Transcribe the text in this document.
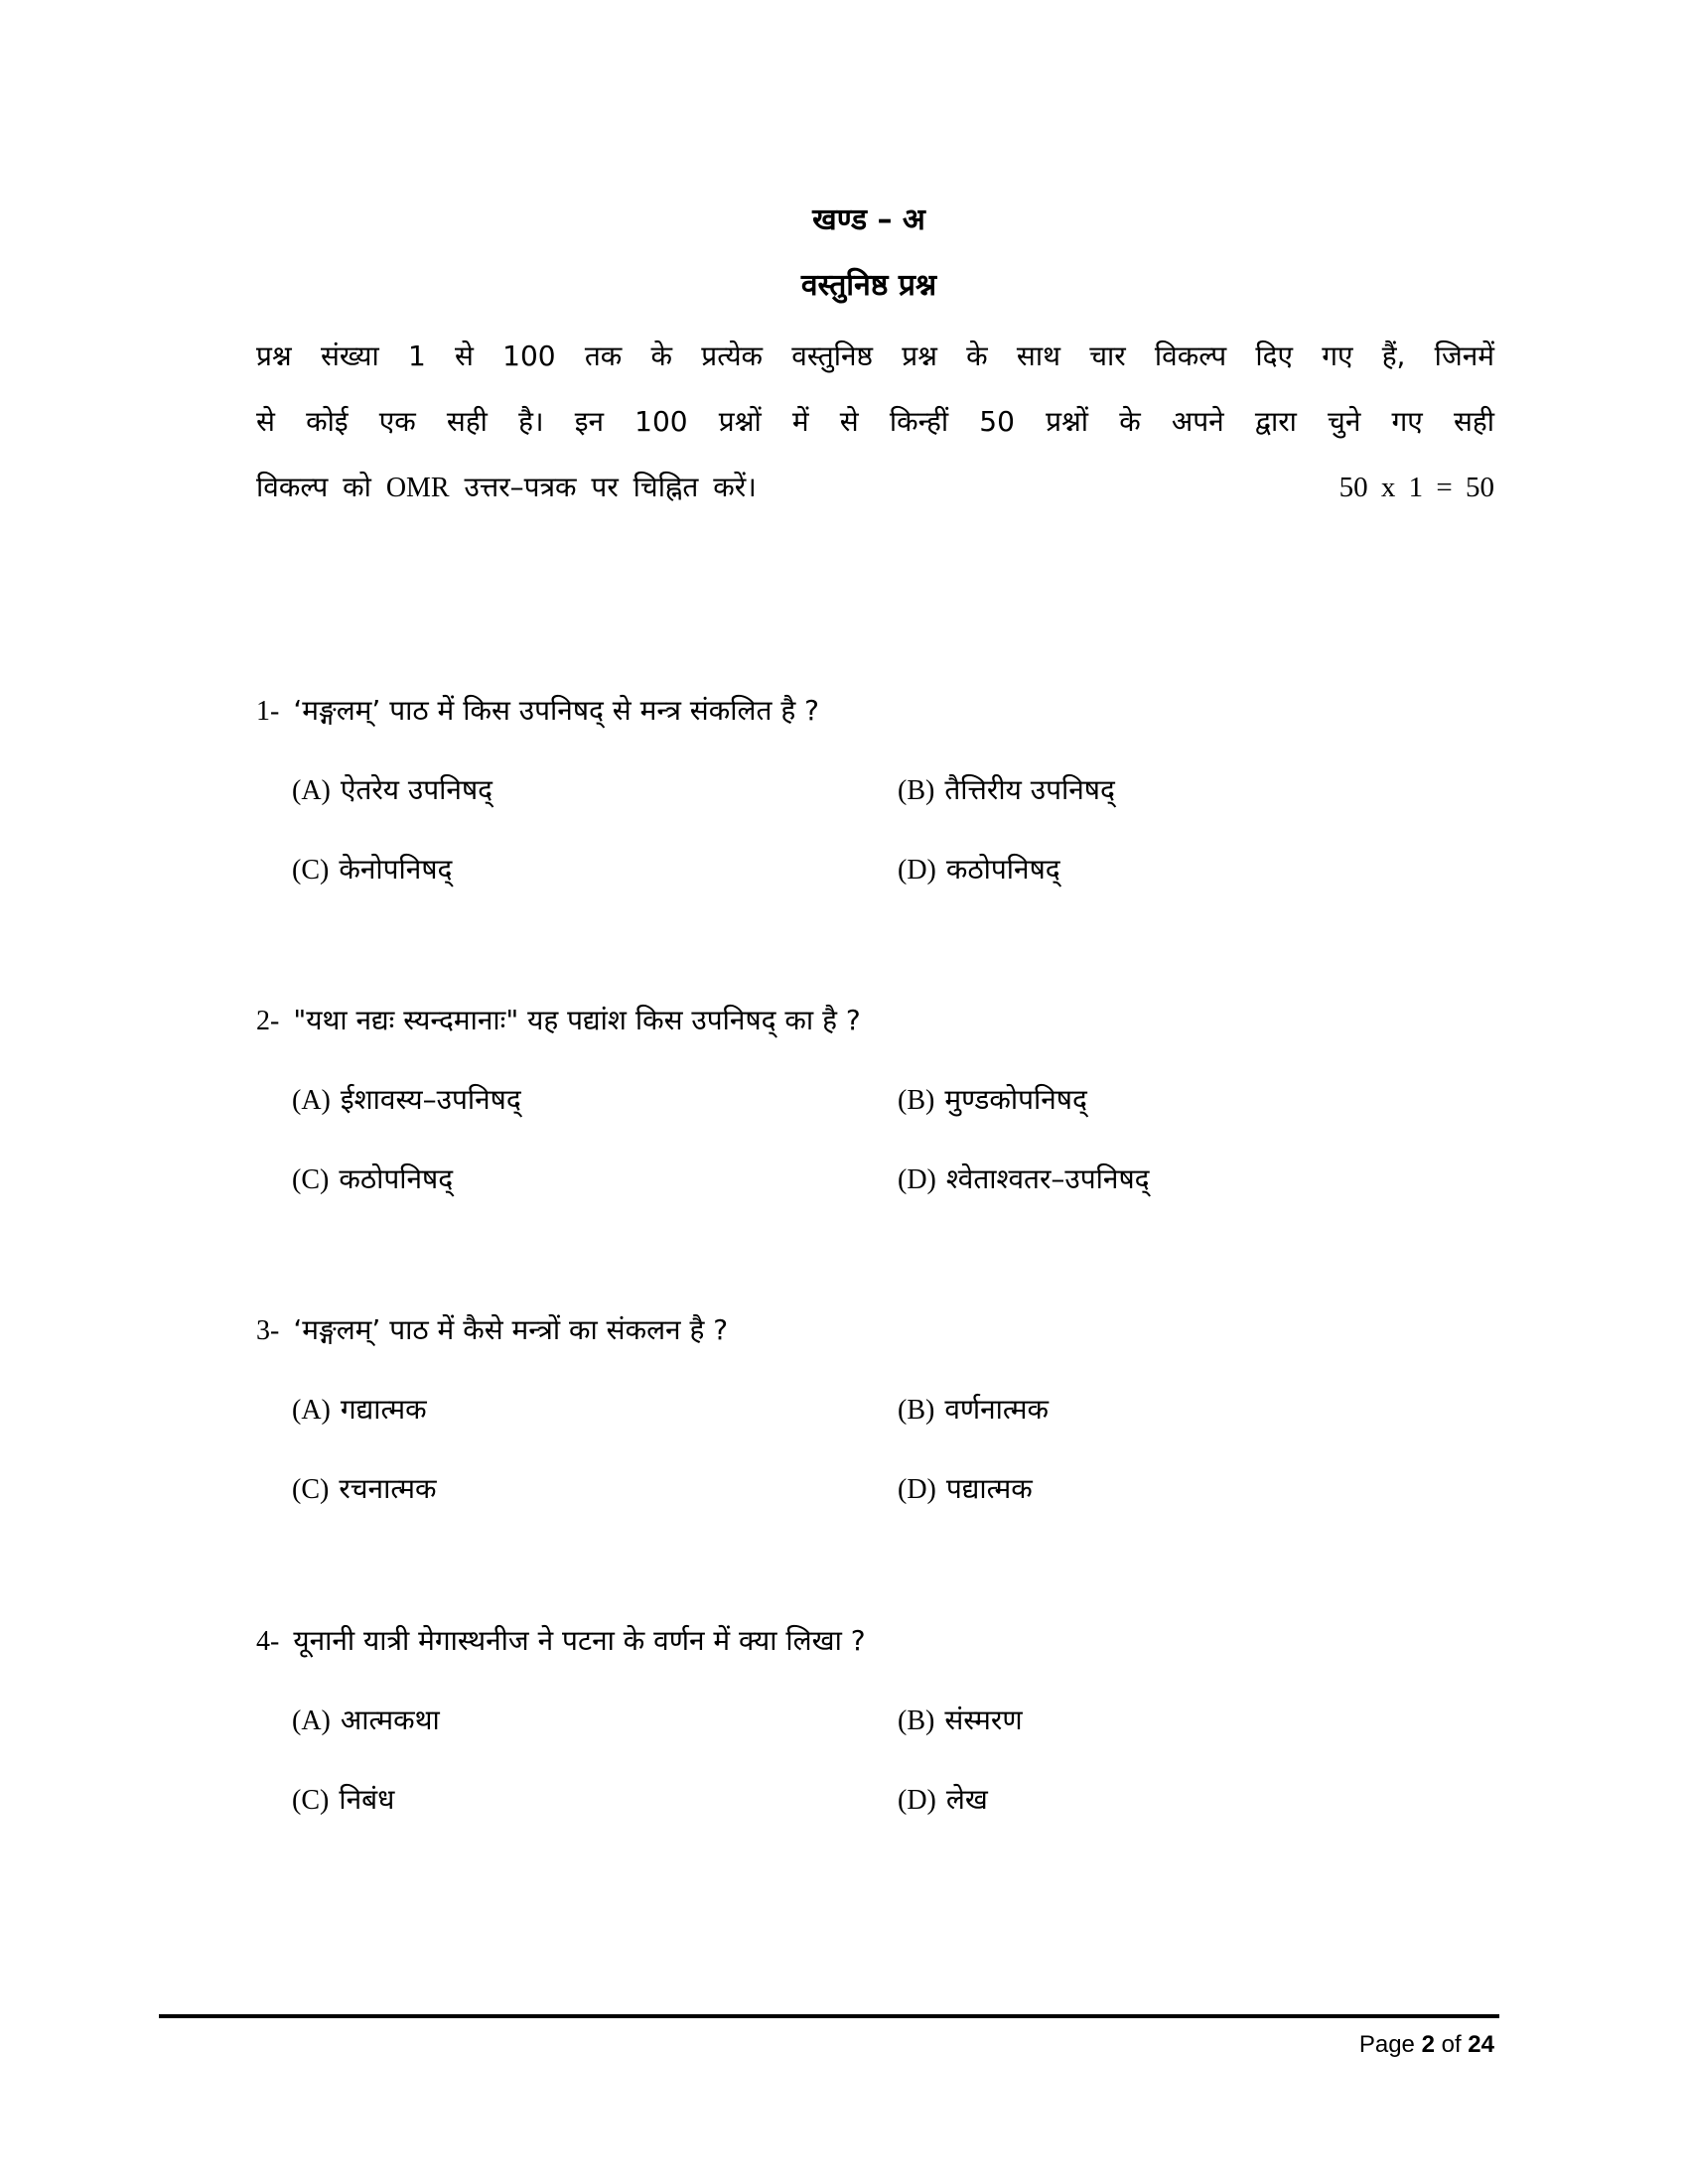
खण्ड – अ
वस्तुनिष्ठ प्रश्न
प्रश्न संख्या 1 से 100 तक के प्रत्येक वस्तुनिष्ठ प्रश्न के साथ चार विकल्प दिए गए हैं, जिनमें
से कोई एक सही है। इन 100 प्रश्नों में से किन्हीं 50 प्रश्नों के अपने द्वारा चुने गए सही
विकल्प को OMR उत्तर–पत्रक पर चिह्नित करें।	50 x 1 = 50
1- ‘मङ्गलम्’ पाठ में किस उपनिषद् से मन्त्र संकलित है ?
(A) ऐतरेय उपनिषद्	(B) तैत्तिरीय उपनिषद्
(C) केनोपनिषद्	(D) कठोपनिषद्
2- "यथा नद्यः स्यन्दमानाः" यह पद्यांश किस उपनिषद् का है ?
(A) ईशावस्य–उपनिषद्	(B) मुण्डकोपनिषद्
(C) कठोपनिषद्	(D) श्वेताश्वतर–उपनिषद्
3- ‘मङ्गलम्’ पाठ में कैसे मन्त्रों का संकलन है ?
(A) गद्यात्मक	(B) वर्णनात्मक
(C) रचनात्मक	(D) पद्यात्मक
4- यूनानी यात्री मेगास्थनीज ने पटना के वर्णन में क्या लिखा ?
(A) आत्मकथा	(B) संस्मरण
(C) निबंध	(D) लेख
Page 2 of 24
